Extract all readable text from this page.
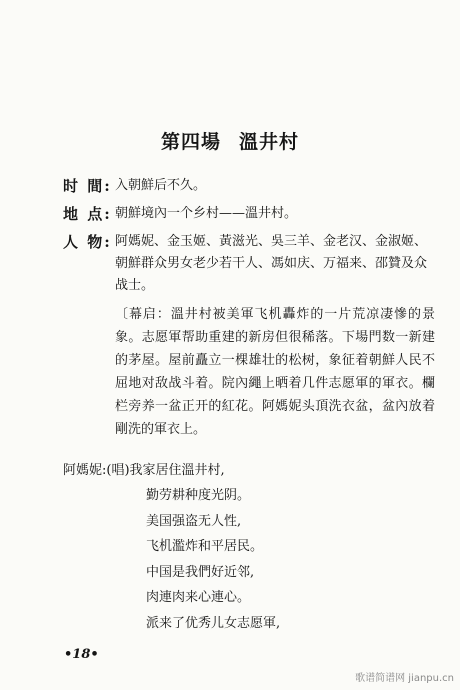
第四場 溫井村
时 間: 入朝鮮后不久。
地 点: 朝鮮境內一个乡村——溫井村。
人 物: 阿媽妮、金玉姬、黃滋光、吳三羊、金老汉、金淑姬、朝鮮群众男女老少若干人、馮如庆、万福来、邵贊及众战士。
〔幕启：溫井村被美軍飞机轟炸的一片荒凉凄慘的景象。志愿軍帮助重建的新房但很稀落。下場門数一新建的茅屋。屋前矗立一棵雄壮的松树，象征着朝鮮人民不屈地对敌战斗着。院內繩上晒着几件志愿軍的軍衣。欄栏旁养一盆正开的紅花。阿媽妮头頂洗衣盆，盆內放着剛洗的軍衣上。
阿媽妮: (唱) 我家居住溫井村,
勤劳耕种度光阴。
美国强盗无人性,
飞机濫炸和平居民。
中国是我們好近邻,
肉連肉来心連心。
派来了优秀儿女志愿軍,
•18•
歌谱简谱网 jianpu.cn
